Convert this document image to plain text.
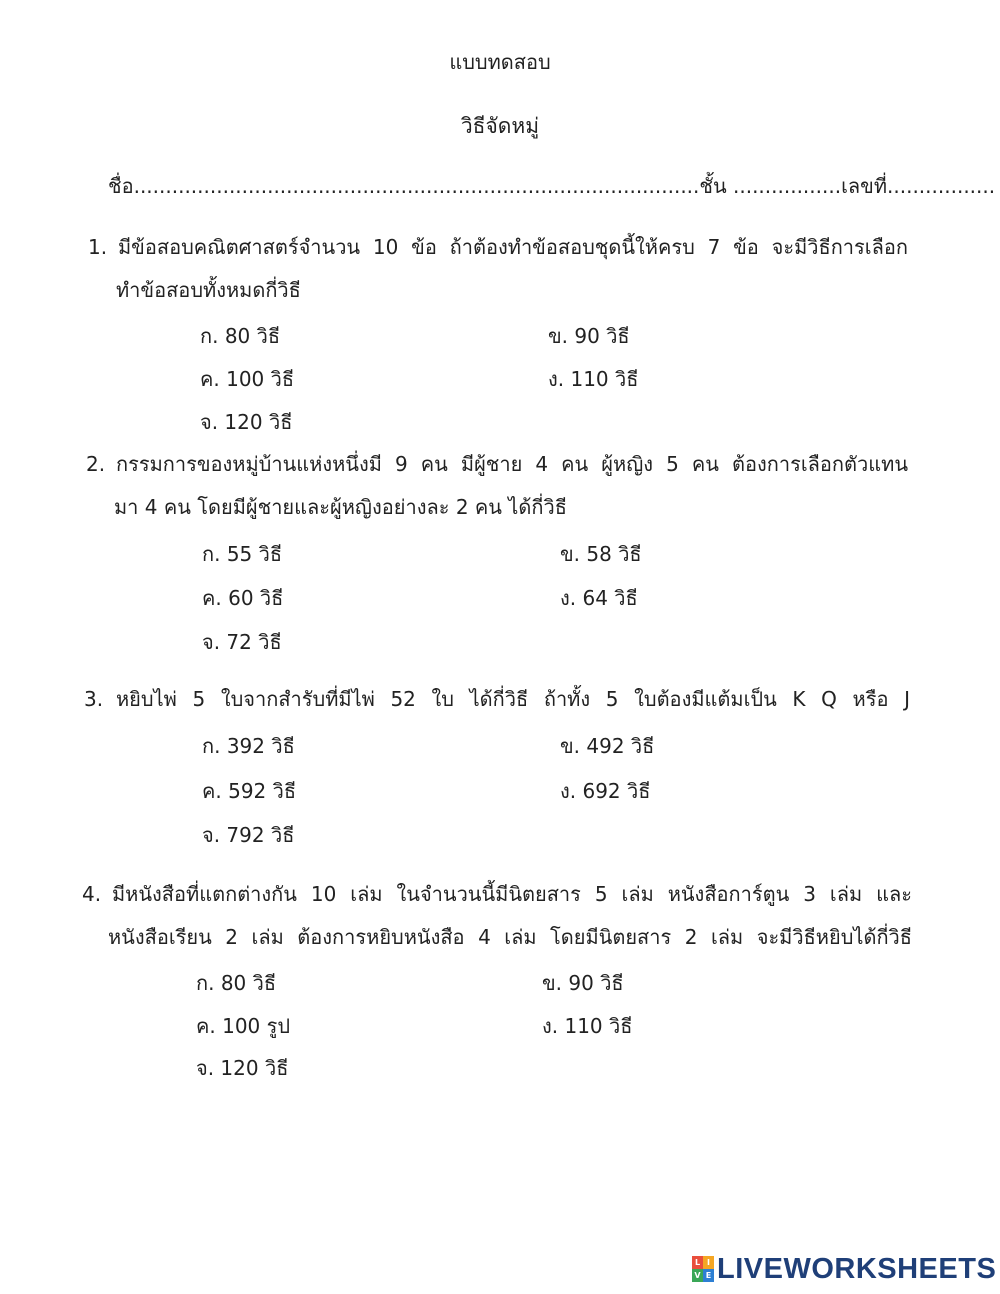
แบบทดสอบ
วิธีจัดหมู่
ชื่อ.........................................................................................ชั้น .................เลขที่.................
1. มีข้อสอบคณิตศาสตร์จำนวน 10 ข้อ ถ้าต้องทำข้อสอบชุดนี้ให้ครบ 7 ข้อ จะมีวิธีการเลือก
ทำข้อสอบทั้งหมดกี่วิธี
ก. 80 วิธี	ข. 90 วิธี
ค. 100 วิธี	ง. 110 วิธี
จ. 120 วิธี
2. กรรมการของหมู่บ้านแห่งหนึ่งมี 9 คน มีผู้ชาย 4 คน ผู้หญิง 5 คน ต้องการเลือกตัวแทน
มา 4 คน โดยมีผู้ชายและผู้หญิงอย่างละ 2 คน ได้กี่วิธี
ก. 55 วิธี	ข. 58 วิธี
ค. 60 วิธี	ง. 64 วิธี
จ. 72 วิธี
3. หยิบไพ่ 5 ใบจากสำรับที่มีไพ่ 52 ใบ ได้กี่วิธี ถ้าทั้ง 5 ใบต้องมีแต้มเป็น K Q หรือ J
ก. 392 วิธี	ข. 492 วิธี
ค. 592 วิธี	ง. 692 วิธี
จ. 792 วิธี
4. มีหนังสือที่แตกต่างกัน 10 เล่ม ในจำนวนนี้มีนิตยสาร 5 เล่ม หนังสือการ์ตูน 3 เล่ม และ
หนังสือเรียน 2 เล่ม ต้องการหยิบหนังสือ 4 เล่ม โดยมีนิตยสาร 2 เล่ม จะมีวิธีหยิบได้กี่วิธี
ก. 80 วิธี	ข. 90 วิธี
ค. 100 รูป	ง. 110 วิธี
จ. 120 วิธี
L I
V E LIVEWORKSHEETS
